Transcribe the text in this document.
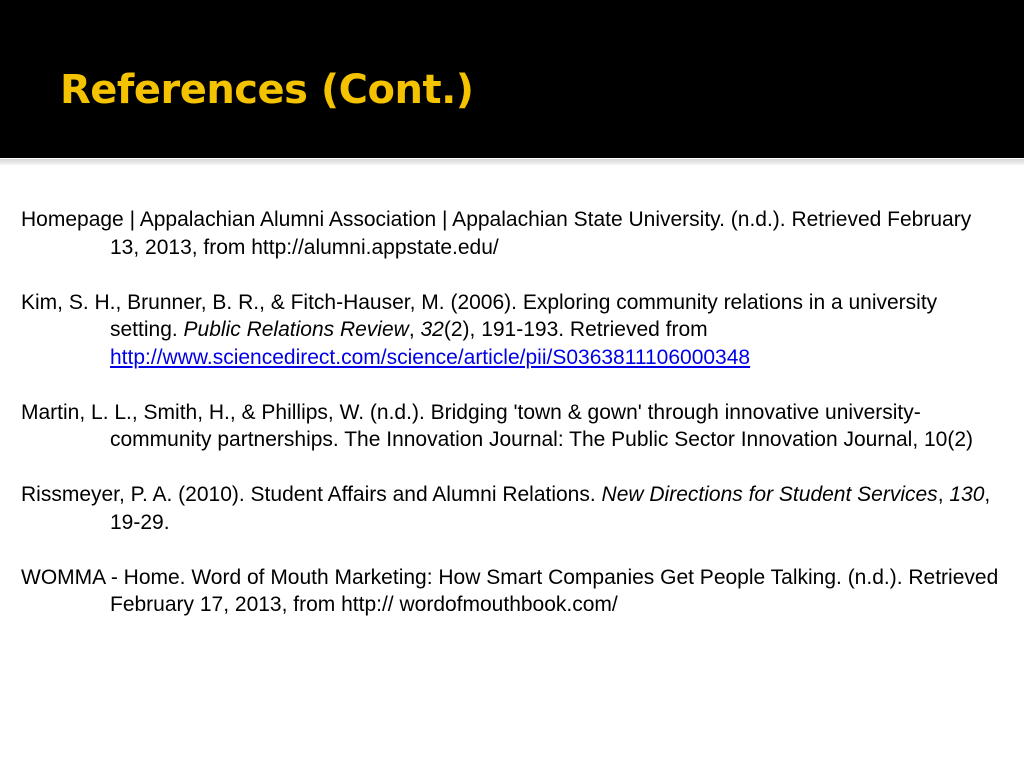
References (Cont.)

Homepage | Appalachian Alumni Association | Appalachian State University. (n.d.). Retrieved February 13, 2013, from http://alumni.appstate.edu/

Kim, S. H., Brunner, B. R., & Fitch-Hauser, M. (2006). Exploring community relations in a university setting. Public Relations Review, 32(2), 191-193. Retrieved from http://www.sciencedirect.com/science/article/pii/S0363811106000348

Martin, L. L., Smith, H., & Phillips, W. (n.d.). Bridging 'town & gown' through innovative university-community partnerships. The Innovation Journal: The Public Sector Innovation Journal, 10(2)

Rissmeyer, P. A. (2010). Student Affairs and Alumni Relations. New Directions for Student Services, 130, 19-29.

WOMMA - Home. Word of Mouth Marketing: How Smart Companies Get People Talking. (n.d.). Retrieved February 17, 2013, from http:// wordofmouthbook.com/
